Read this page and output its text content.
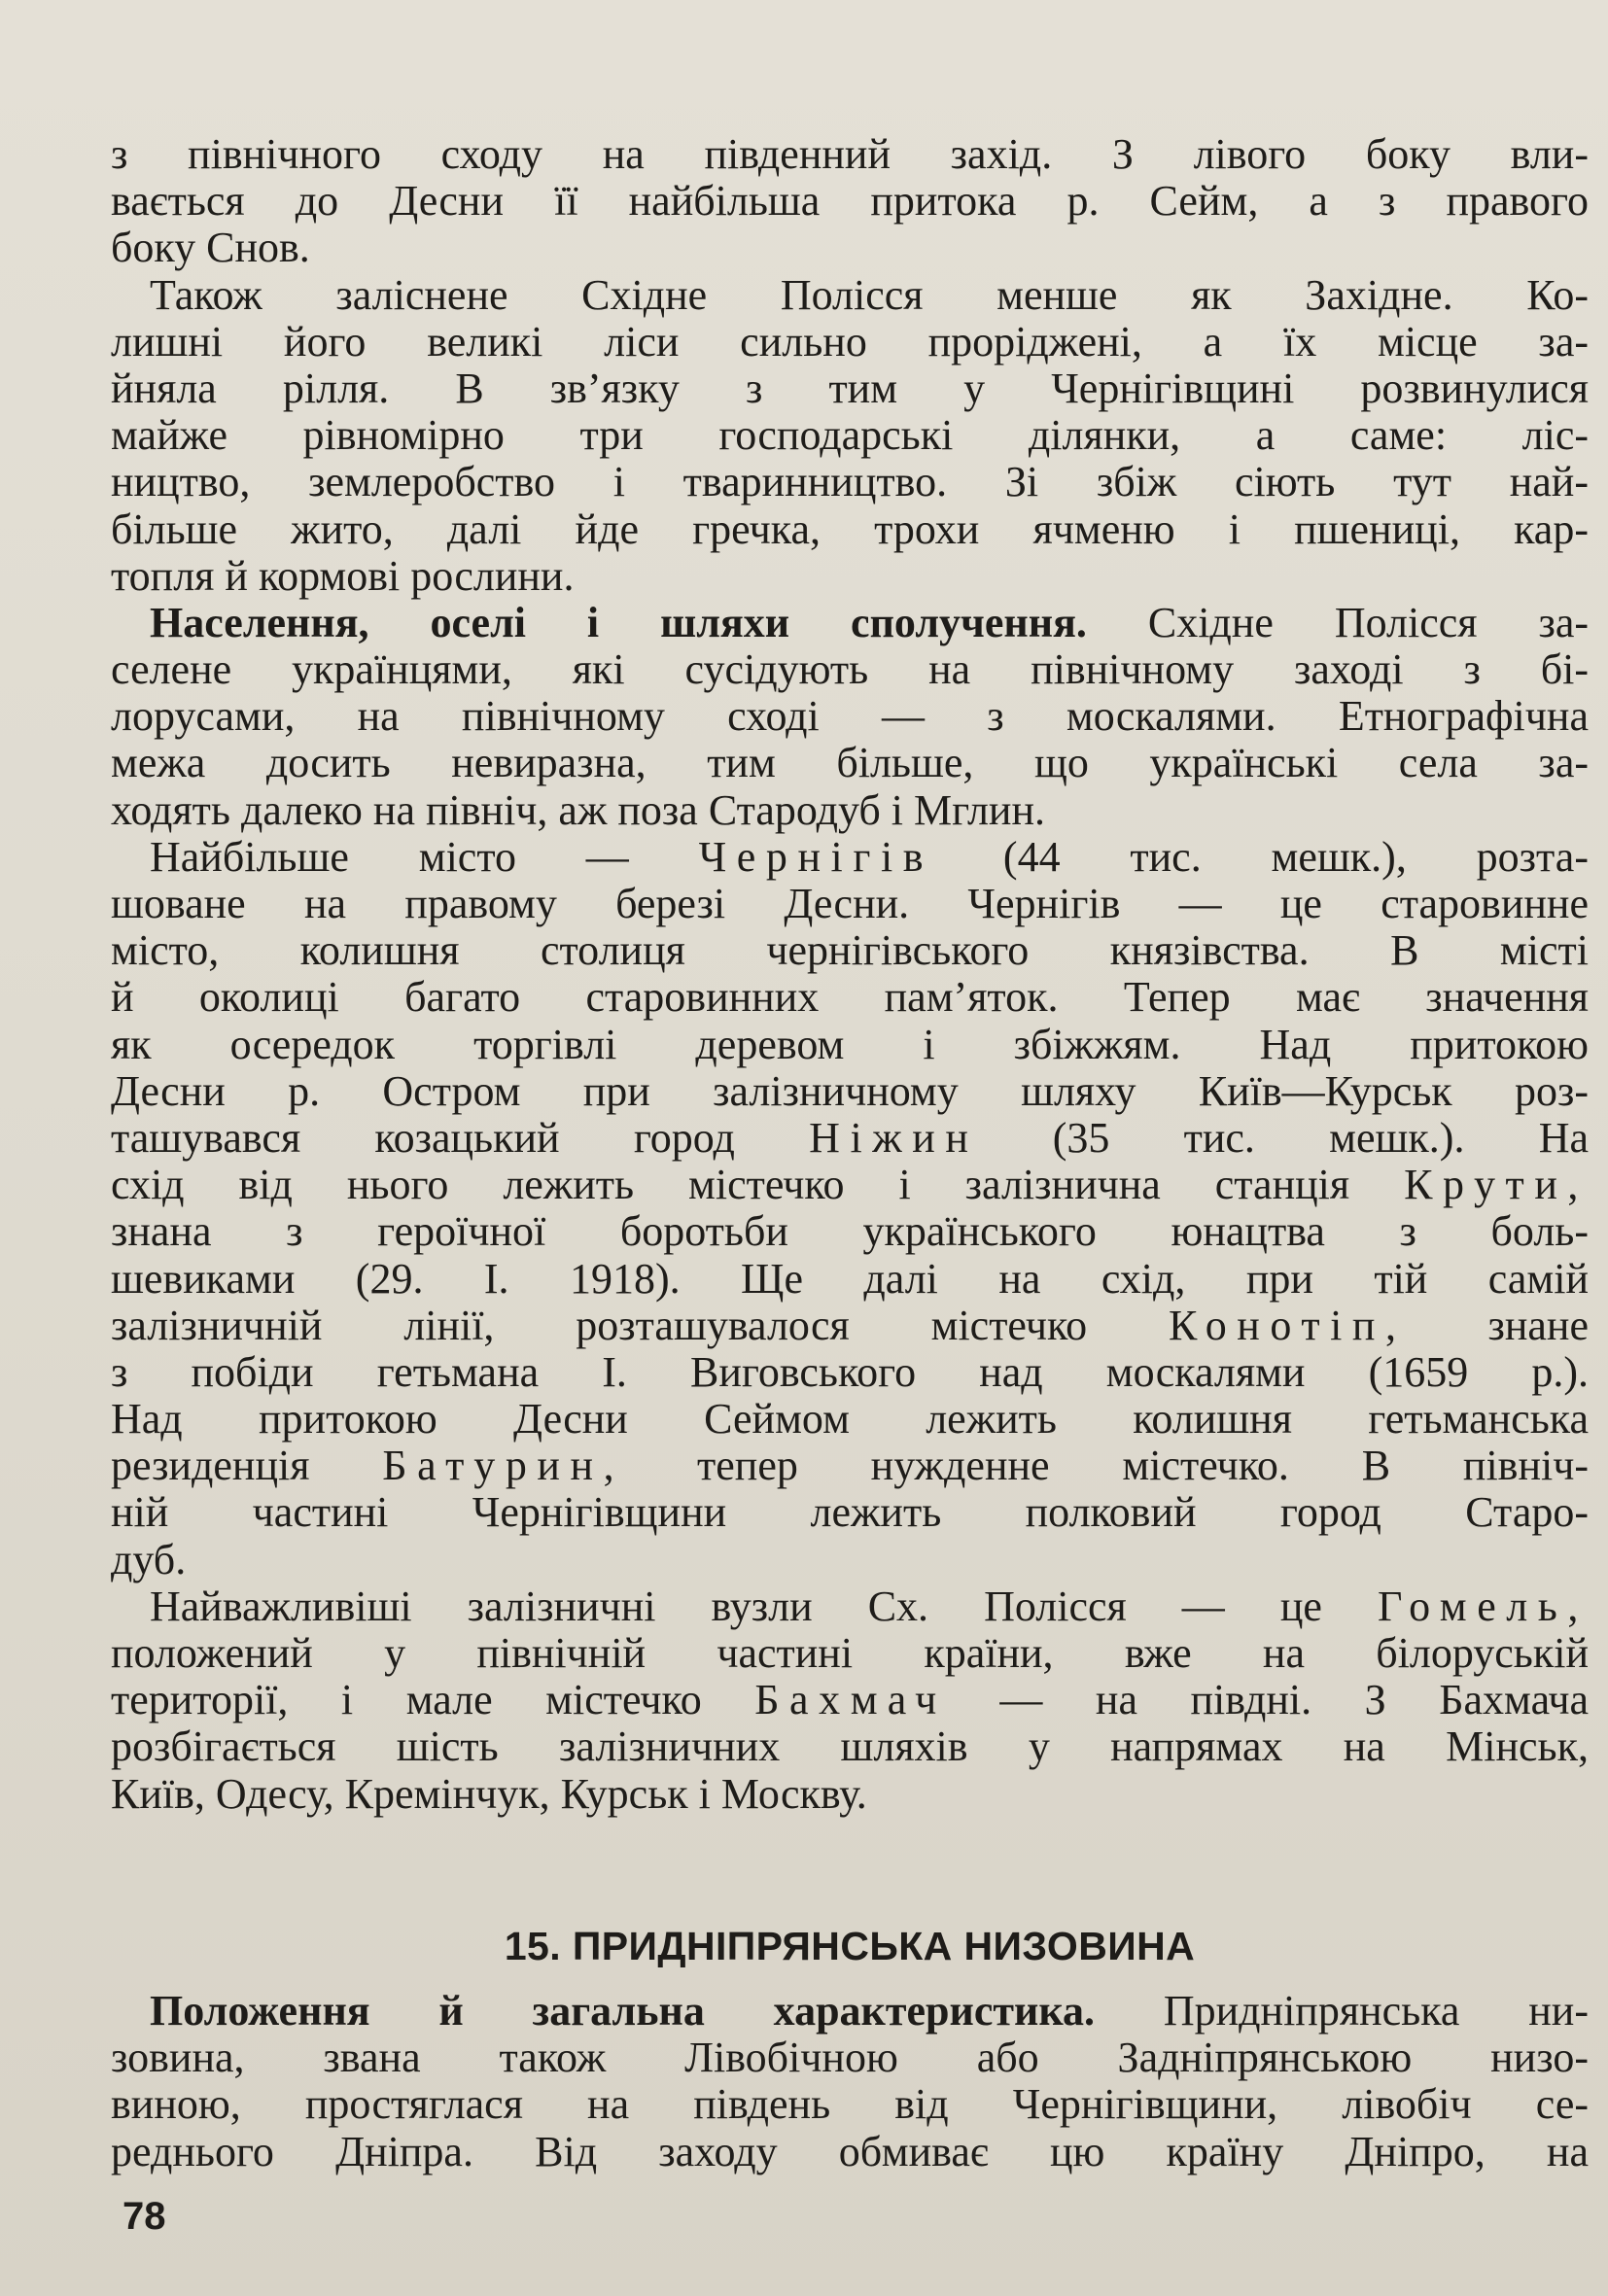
з північного сходу на південний захід. З лівого боку вли-
вається до Десни її найбільша притока р. Сейм, а з правого
боку Снов.
Також заліснене Східне Полісся менше як Західне. Ко-
лишні його великі ліси сильно проріджені, а їх місце за-
йняла рілля. В зв’язку з тим у Чернігівщині розвинулися
майже рівномірно три господарські ділянки, а саме: ліс-
ництво, землеробство і тваринництво. Зі збіж сіють тут най-
більше жито, далі йде гречка, трохи ячменю і пшениці, кар-
топля й кормові рослини.
Населення, оселі і шляхи сполучення. Східне Полісся за-
селене українцями, які сусідують на північному заході з бі-
лорусами, на північному сході — з москалями. Етнографічна
межа досить невиразна, тим більше, що українські села за-
ходять далеко на північ, аж поза Стародуб і Мглин.
Найбільше місто — Чернігів (44 тис. мешк.), розта-
шоване на правому березі Десни. Чернігів — це старовинне
місто, колишня столиця чернігівського князівства. В місті
й околиці багато старовинних пам’яток. Тепер має значення
як осередок торгівлі деревом і збіжжям. Над притокою
Десни р. Остром при залізничному шляху Київ—Курськ роз-
ташувався козацький город Ніжин (35 тис. мешк.). На
схід від нього лежить містечко і залізнична станція Крути,
знана з героїчної боротьби українського юнацтва з боль-
шевиками (29. I. 1918). Ще далі на схід, при тій самій
залізничній лінії, розташувалося містечко Конотіп, знане
з побіди гетьмана І. Виговського над москалями (1659 р.).
Над притокою Десни Сеймом лежить колишня гетьманська
резиденція Батурин, тепер нужденне містечко. В північ-
ній частині Чернігівщини лежить полковий город Старо-
дуб.
Найважливіші залізничні вузли Сх. Полісся — це Гомель,
положений у північній частині країни, вже на білоруській
території, і мале містечко Бахмач — на півдні. З Бахмача
розбігається шість залізничних шляхів у напрямах на Мінськ,
Київ, Одесу, Кремінчук, Курськ і Москву.
15. ПРИДНІПРЯНСЬКА НИЗОВИНА
Положення й загальна характеристика. Придніпрянська ни-
зовина, звана також Лівобічною або Задніпрянською низо-
виною, простяглася на південь від Чернігівщини, лівобіч се-
реднього Дніпра. Від заходу обмиває цю країну Дніпро, на
78
